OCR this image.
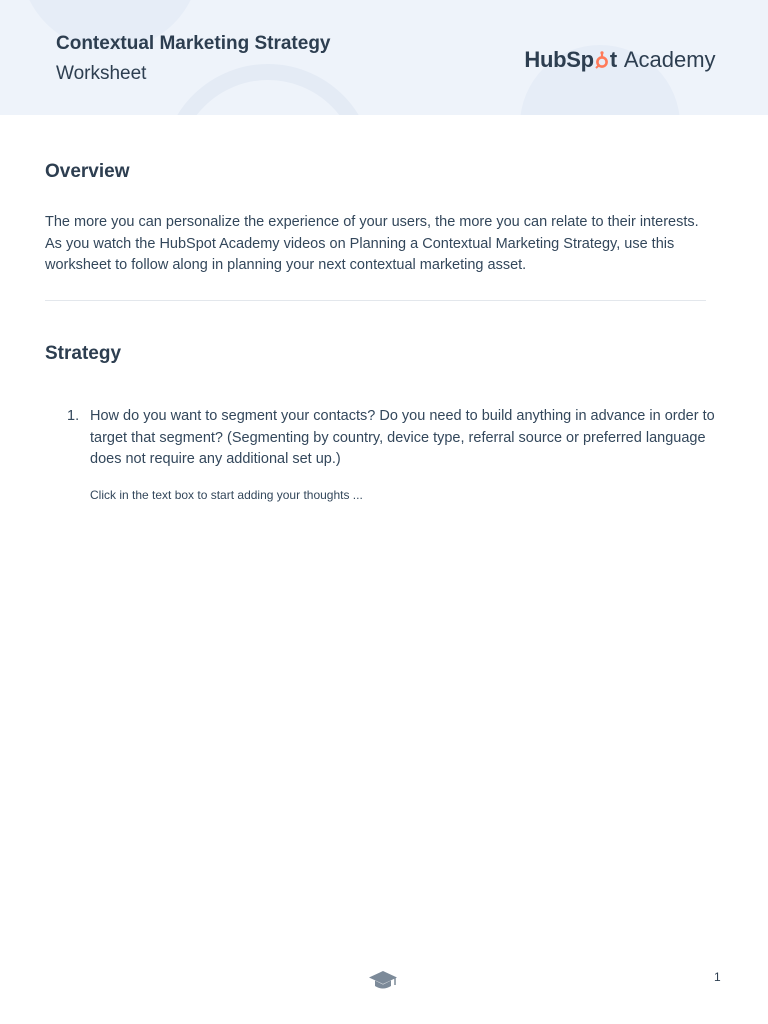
Contextual Marketing Strategy
Worksheet
HubSp t Academy
Overview

The more you can personalize the experience of your users, the more you can relate to their interests. As you watch the HubSpot Academy videos on Planning a Contextual Marketing Strategy, use this worksheet to follow along in planning your next contextual marketing asset.

Strategy
1. How do you want to segment your contacts? Do you need to build anything in advance in order to target that segment? (Segmenting by country, device type, referral source or preferred language does not require any additional set up.)

Click in the text box to start adding your thoughts ...

1
